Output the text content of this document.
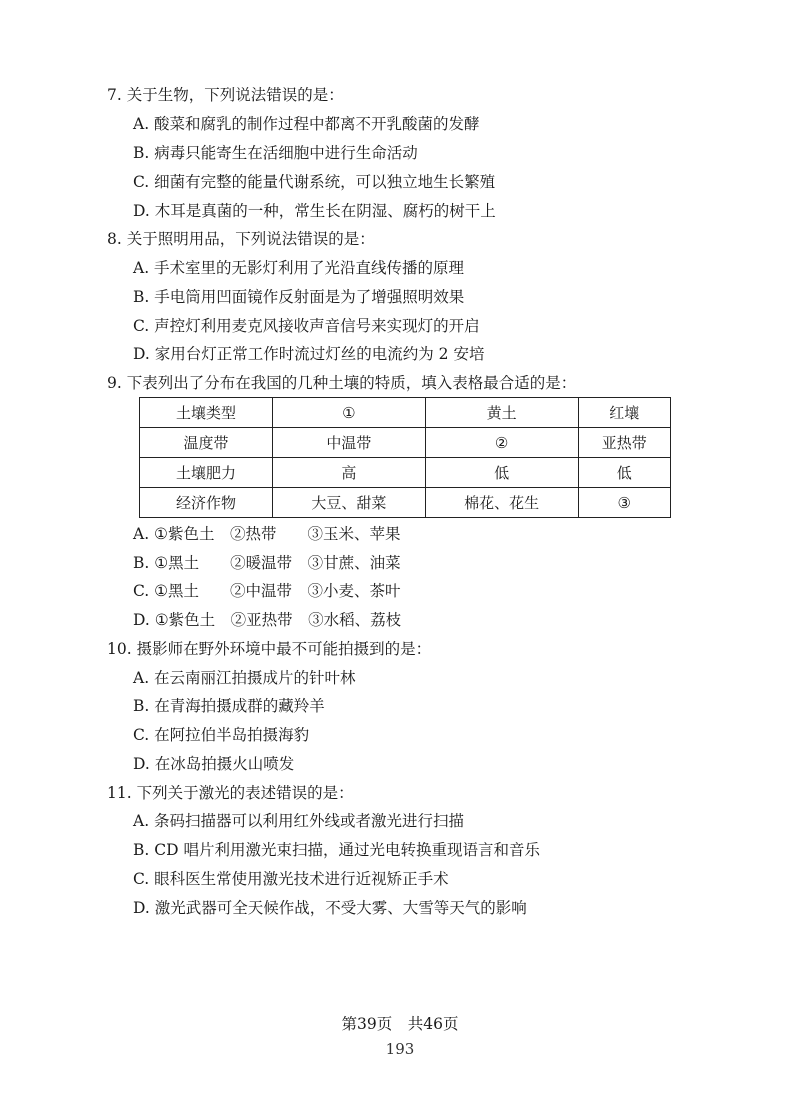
7. 关于生物，下列说法错误的是：
A. 酸菜和腐乳的制作过程中都离不开乳酸菌的发酵
B. 病毒只能寄生在活细胞中进行生命活动
C. 细菌有完整的能量代谢系统，可以独立地生长繁殖
D. 木耳是真菌的一种，常生长在阴湿、腐朽的树干上
8. 关于照明用品，下列说法错误的是：
A. 手术室里的无影灯利用了光沿直线传播的原理
B. 手电筒用凹面镜作反射面是为了增强照明效果
C. 声控灯利用麦克风接收声音信号来实现灯的开启
D. 家用台灯正常工作时流过灯丝的电流约为 2 安培
9. 下表列出了分布在我国的几种土壤的特质，填入表格最合适的是：
土壤类型	①	黄土	红壤
温度带	中温带	②	亚热带
土壤肥力	高	低	低
经济作物	大豆、甜菜	棉花、花生	③
A. ①紫色土　②热带　　③玉米、苹果
B. ①黑土　　②暖温带　③甘蔗、油菜
C. ①黑土　　②中温带　③小麦、茶叶
D. ①紫色土　②亚热带　③水稻、荔枝
10. 摄影师在野外环境中最不可能拍摄到的是：
A. 在云南丽江拍摄成片的针叶林
B. 在青海拍摄成群的藏羚羊
C. 在阿拉伯半岛拍摄海豹
D. 在冰岛拍摄火山喷发
11. 下列关于激光的表述错误的是：
A. 条码扫描器可以利用红外线或者激光进行扫描
B. CD 唱片利用激光束扫描，通过光电转换重现语言和音乐
C. 眼科医生常使用激光技术进行近视矫正手术
D. 激光武器可全天候作战，不受大雾、大雪等天气的影响
第39页　共46页
193
